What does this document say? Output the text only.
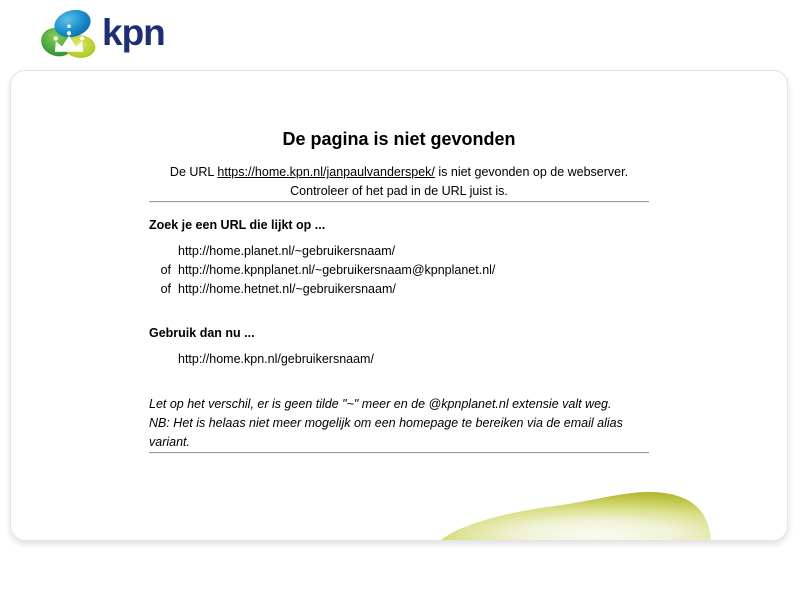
kpn
De pagina is niet gevonden

De URL https://home.kpn.nl/janpaulvanderspek/ is niet gevonden op de webserver.
Controleer of het pad in de URL juist is.

Zoek je een URL die lijkt op ...

http://home.planet.nl/~gebruikersnaam/
of http://home.kpnplanet.nl/~gebruikersnaam@kpnplanet.nl/
of http://home.hetnet.nl/~gebruikersnaam/

Gebruik dan nu ...

http://home.kpn.nl/gebruikersnaam/

Let op het verschil, er is geen tilde "~" meer en de @kpnplanet.nl extensie valt weg.

NB: Het is helaas niet meer mogelijk om een homepage te bereiken via de email alias variant.
